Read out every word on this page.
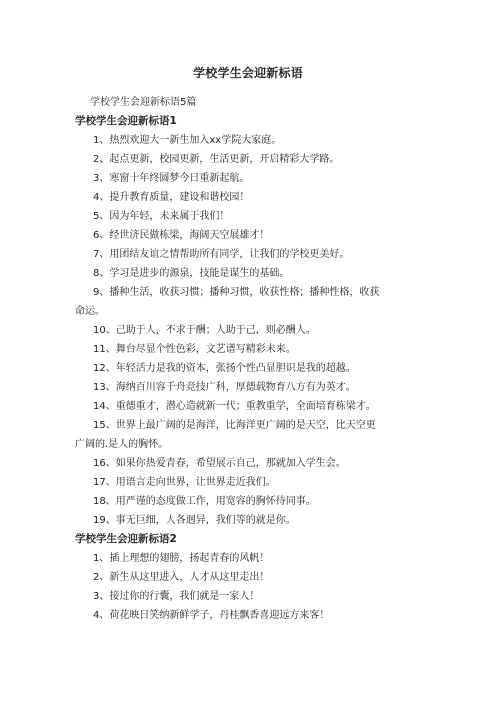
学校学生会迎新标语
学校学生会迎新标语5篇
学校学生会迎新标语1
1、热烈欢迎大一新生加入xx学院大家庭。
2、起点更新，校园更新，生活更新，开启精彩大学路。
3、寒窗十年终圆梦今日重新起航。
4、提升教育质量，建设和谐校园！
5、因为年轻，未来属于我们！
6、经世济民做栋梁，海阔天空展雄才！
7、用团结友谊之情帮助所有同学，让我们的学校更美好。
8、学习是进步的源泉，技能是谋生的基础。
9、播种生活，收获习惯；播种习惯，收获性格；播种性格，收获
命运。
10、己助于人，不求于酬；人助于己，则必酬人。
11、舞台尽显个性色彩，文艺谱写精彩未来。
12、年轻活力是我的资本，张扬个性凸显胆识是我的超越。
13、海纳百川容千舟竞技广科，厚德载物育八方有为英才。
14、重德重才，潜心造就新一代；重教重学，全面培育栋梁才。
15、世界上最广阔的是海洋，比海洋更广阔的是天空，比天空更
广阔的.是人的胸怀。
16、如果你热爱青春，希望展示自己，那就加入学生会。
17、用语言走向世界，让世界走近我们。
18、用严谨的态度做工作，用宽容的胸怀待同事。
19、事无巨细，人各迥异，我们等的就是你。
学校学生会迎新标语2
1、插上理想的翅膀，扬起青春的风帆！
2、新生从这里进入，人才从这里走出！
3、接过你的行囊，我们就是一家人！
4、荷花映日笑纳新鲜学子，丹桂飘香喜迎远方来客！
